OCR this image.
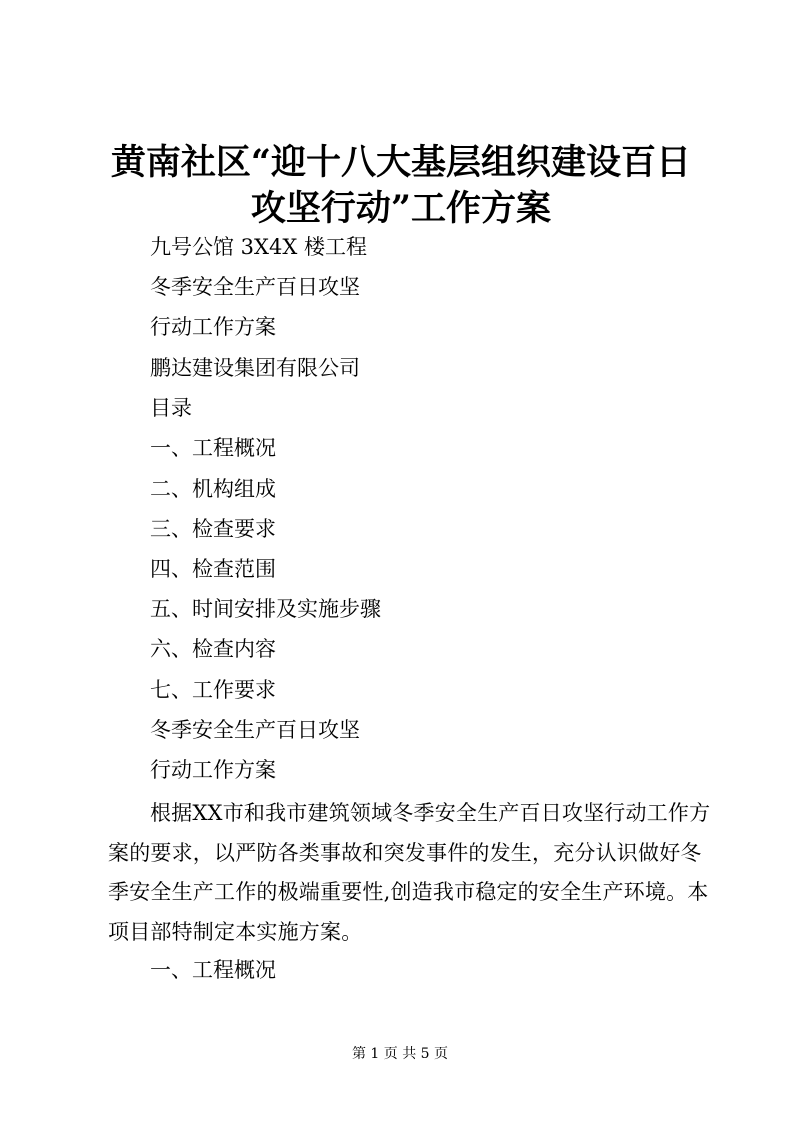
黄南社区“迎十八大基层组织建设百日攻坚行动”工作方案

九号公馆 3X4X 楼工程

冬季安全生产百日攻坚

行动工作方案

鹏达建设集团有限公司

目录

一、工程概况

二、机构组成

三、检查要求

四、检查范围

五、时间安排及实施步骤

六、检查内容

七、工作要求

冬季安全生产百日攻坚

行动工作方案

根据XX市和我市建筑领域冬季安全生产百日攻坚行动工作方案的要求，以严防各类事故和突发事件的发生，充分认识做好冬季安全生产工作的极端重要性,创造我市稳定的安全生产环境。本项目部特制定本实施方案。

一、工程概况

第 1 页 共 5 页
